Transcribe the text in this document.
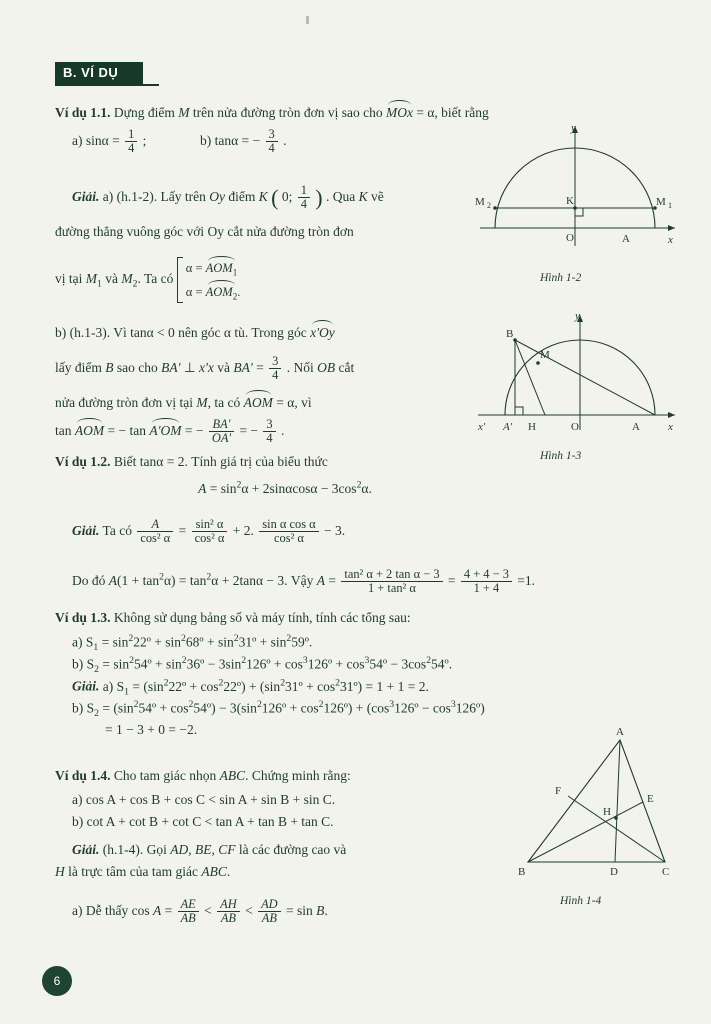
B. VÍ DỤ
Ví dụ 1.1. Dựng điểm M trên nửa đường tròn đơn vị sao cho MOx = α, biết rằng
a) $\sin\alpha = \frac{1}{4}$ ;	b) tanα = − $\frac{3}{4}$ .
Giải. a) (h.1-2). Lấy trên Oy điểm K ( 0; $\frac{1}{4}$ ) . Qua K vẽ
đường thẳng vuông góc với Oy cắt nửa đường tròn đơn
vị tại $M_1$ và $M_2$. Ta có
$\alpha = AOM_1$
$\alpha = AOM_2$.
b) (h.1-3). Vì tanα < 0 nên góc α tù. Trong góc x'Oy
lấy điểm B sao cho BA' ⊥ x'x và $BA' = \frac{3}{4}$ . Nối OB cắt
nửa đường tròn đơn vị tại M, ta có AOM = α, vì
tan AOM = − tan A'OM = − $\frac{BA'}{OA'}$ = − $\frac{3}{4}$ .
y
x
O	A
K	M 1
M 2
Hình 1-2
y
x
x' A' H	O	A
B
M
Hình 1-3
Ví dụ 1.2. Biết tanα = 2. Tính giá trị của biểu thức
$A = \sin^2\alpha + 2\sin\alpha\cos\alpha - 3\cos^2\alpha$.
Giải. Ta có $\frac{A}{\text{cos² α}} = \frac{\text{sin² α}}{\text{cos² α}} + 2$. $\frac{\text{sin α cos α}}{\text{cos² α}} - 3$.
Do đó $A(1 + \tan^2\alpha) = \tan^2\alpha + 2\tan\alpha - 3$. Vậy $A = \frac{\text{tan² α + 2 tan α − 3}}{\text{1 + tan² α}} = \frac{4 + 4 - 3}{1 + 4} =1$.
Ví dụ 1.3. Không sử dụng bảng số và máy tính, tính các tổng sau:
a) $S_1$ = $\sin^222º$ + $\sin^268º$ + $\sin^231º$ + $\sin^259º$.
b) $S_2$ = $\sin^254º$ + $\sin^236º$ − $3\sin^2126º$ + $\cos^3126º$ + $\cos^354º$ − $3\cos^254º$.
Giải. a) $S_1$ = ($\sin^222º$ + $\cos^222º$) + ($\sin^231º$ + $\cos^231º) = 1 + 1 = 2$.
b) $S_2$ = ($\sin^254º$ + $\cos^254º$) − $3(\sin^2126º$ + $\cos^2126º$) + ($\cos^3126º$ − $\cos^3126º$)
= 1 − 3 + 0 = −2.
Ví dụ 1.4. Cho tam giác nhọn ABC. Chứng minh rằng:
a) cos A + cos B + cos C < sin A + sin B + sin C.
b) cot A + cot B + cot C < tan A + tan B + tan C.
Giải. (h.1-4). Gọi AD, BE, CF là các đường cao và
H là trực tâm của tam giác ABC.
a) Dễ thấy $\cos A = \frac{AE}{AB} < \frac{AH}{AB} < \frac{AD}{AB} = \sin B$.
A
B	C
D
E
F
H
Hình 1-4
6
